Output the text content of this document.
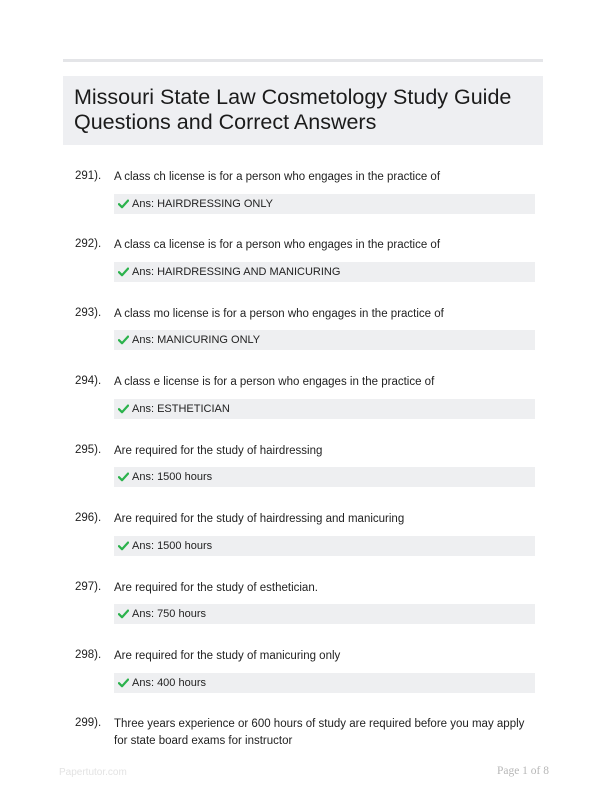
Missouri State Law Cosmetology Study Guide
Questions and Correct Answers
291). A class ch license is for a person who engages in the practice of
Ans: HAIRDRESSING ONLY
292). A class ca license is for a person who engages in the practice of
Ans: HAIRDRESSING AND MANICURING
293). A class mo license is for a person who engages in the practice of
Ans: MANICURING ONLY
294). A class e license is for a person who engages in the practice of
Ans: ESTHETICIAN
295). Are required for the study of hairdressing
Ans: 1500 hours
296). Are required for the study of hairdressing and manicuring
Ans: 1500 hours
297). Are required for the study of esthetician.
Ans: 750 hours
298). Are required for the study of manicuring only
Ans: 400 hours
299). Three years experience or 600 hours of study are required before you may apply for state board exams for instructor
Papertutor.com	Page 1 of 8
